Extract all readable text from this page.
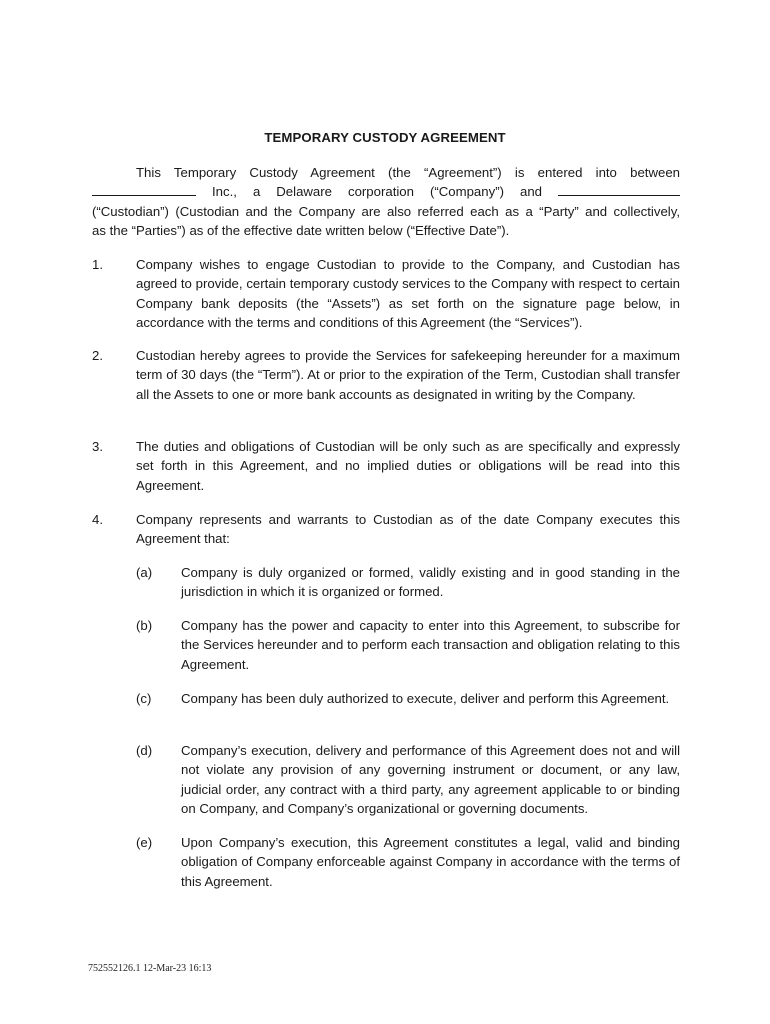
TEMPORARY CUSTODY AGREEMENT
This Temporary Custody Agreement (the “Agreement”) is entered into between
Inc., a Delaware corporation (“Company”) and
(“Custodian”) (Custodian and the Company are also referred each as a “Party” and collectively,
as the “Parties”) as of the effective date written below (“Effective Date”).
1.	Company wishes to engage Custodian to provide to the Company, and Custodian has agreed to provide, certain temporary custody services to the Company with respect to certain Company bank deposits (the “Assets”) as set forth on the signature page below, in accordance with the terms and conditions of this Agreement (the “Services”).
2.	Custodian hereby agrees to provide the Services for safekeeping hereunder for a maximum term of 30 days (the “Term”). At or prior to the expiration of the Term, Custodian shall transfer all the Assets to one or more bank accounts as designated in writing by the Company.
3.	The duties and obligations of Custodian will be only such as are specifically and expressly set forth in this Agreement, and no implied duties or obligations will be read into this Agreement.
4.	Company represents and warrants to Custodian as of the date Company executes this Agreement that:
(a) Company is duly organized or formed, validly existing and in good standing in the jurisdiction in which it is organized or formed.
(b) Company has the power and capacity to enter into this Agreement, to subscribe for the Services hereunder and to perform each transaction and obligation relating to this Agreement.
(c) Company has been duly authorized to execute, deliver and perform this Agreement.
(d) Company’s execution, delivery and performance of this Agreement does not and will not violate any provision of any governing instrument or document, or any law, judicial order, any contract with a third party, any agreement applicable to or binding on Company, and Company’s organizational or governing documents.
(e) Upon Company’s execution, this Agreement constitutes a legal, valid and binding obligation of Company enforceable against Company in accordance with the terms of this Agreement.
752552126.1 12-Mar-23 16:13
